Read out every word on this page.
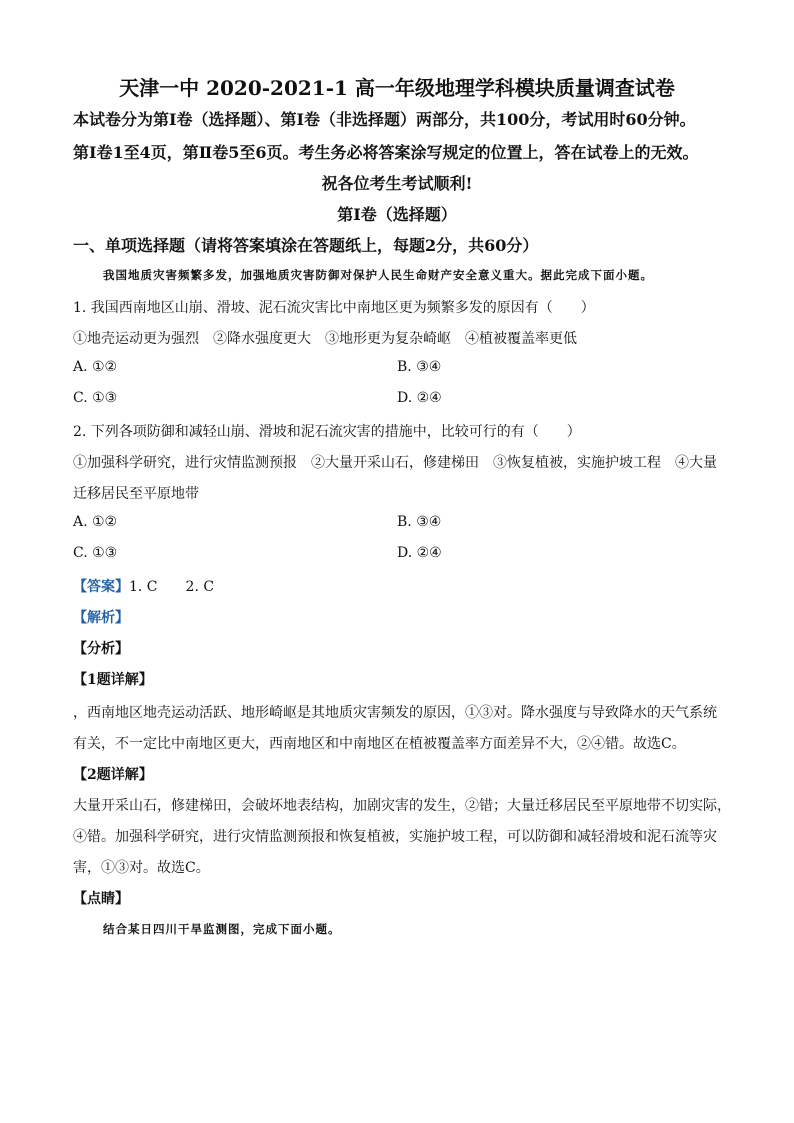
天津一中 2020-2021-1 高一年级地理学科模块质量调查试卷
本试卷分为第Ⅰ卷（选择题）、第Ⅰ卷（非选择题）两部分，共100分，考试用时60分钟。
第Ⅰ卷1至4页，第Ⅱ卷5至6页。考生务必将答案涂写规定的位置上，答在试卷上的无效。
祝各位考生考试顺利!
第Ⅰ卷（选择题）
一、单项选择题（请将答案填涂在答题纸上，每题2分，共60分）
我国地质灾害频繁多发，加强地质灾害防御对保护人民生命财产安全意义重大。据此完成下面小题。
1. 我国西南地区山崩、滑坡、泥石流灾害比中南地区更为频繁多发的原因有（　　）
①地壳运动更为强烈　②降水强度更大　③地形更为复杂崎岖　④植被覆盖率更低
A. ①②	B. ③④
C. ①③	D. ②④
2. 下列各项防御和减轻山崩、滑坡和泥石流灾害的措施中，比较可行的有（　　）
①加强科学研究，进行灾情监测预报　②大量开采山石，修建梯田　③恢复植被，实施护坡工程　④大量
迁移居民至平原地带
A. ①②	B. ③④
C. ①③	D. ②④
【答案】1. C 2. C
【解析】
【分析】
【1题详解】
，西南地区地壳运动活跃、地形崎岖是其地质灾害频发的原因，①③对。降水强度与导致降水的天气系统
有关，不一定比中南地区更大，西南地区和中南地区在植被覆盖率方面差异不大，②④错。故选C。
【2题详解】
大量开采山石，修建梯田，会破坏地表结构，加剧灾害的发生，②错；大量迁移居民至平原地带不切实际，
④错。加强科学研究，进行灾情监测预报和恢复植被，实施护坡工程，可以防御和减轻滑坡和泥石流等灾
害，①③对。故选C。
【点睛】
结合某日四川干旱监测图，完成下面小题。
